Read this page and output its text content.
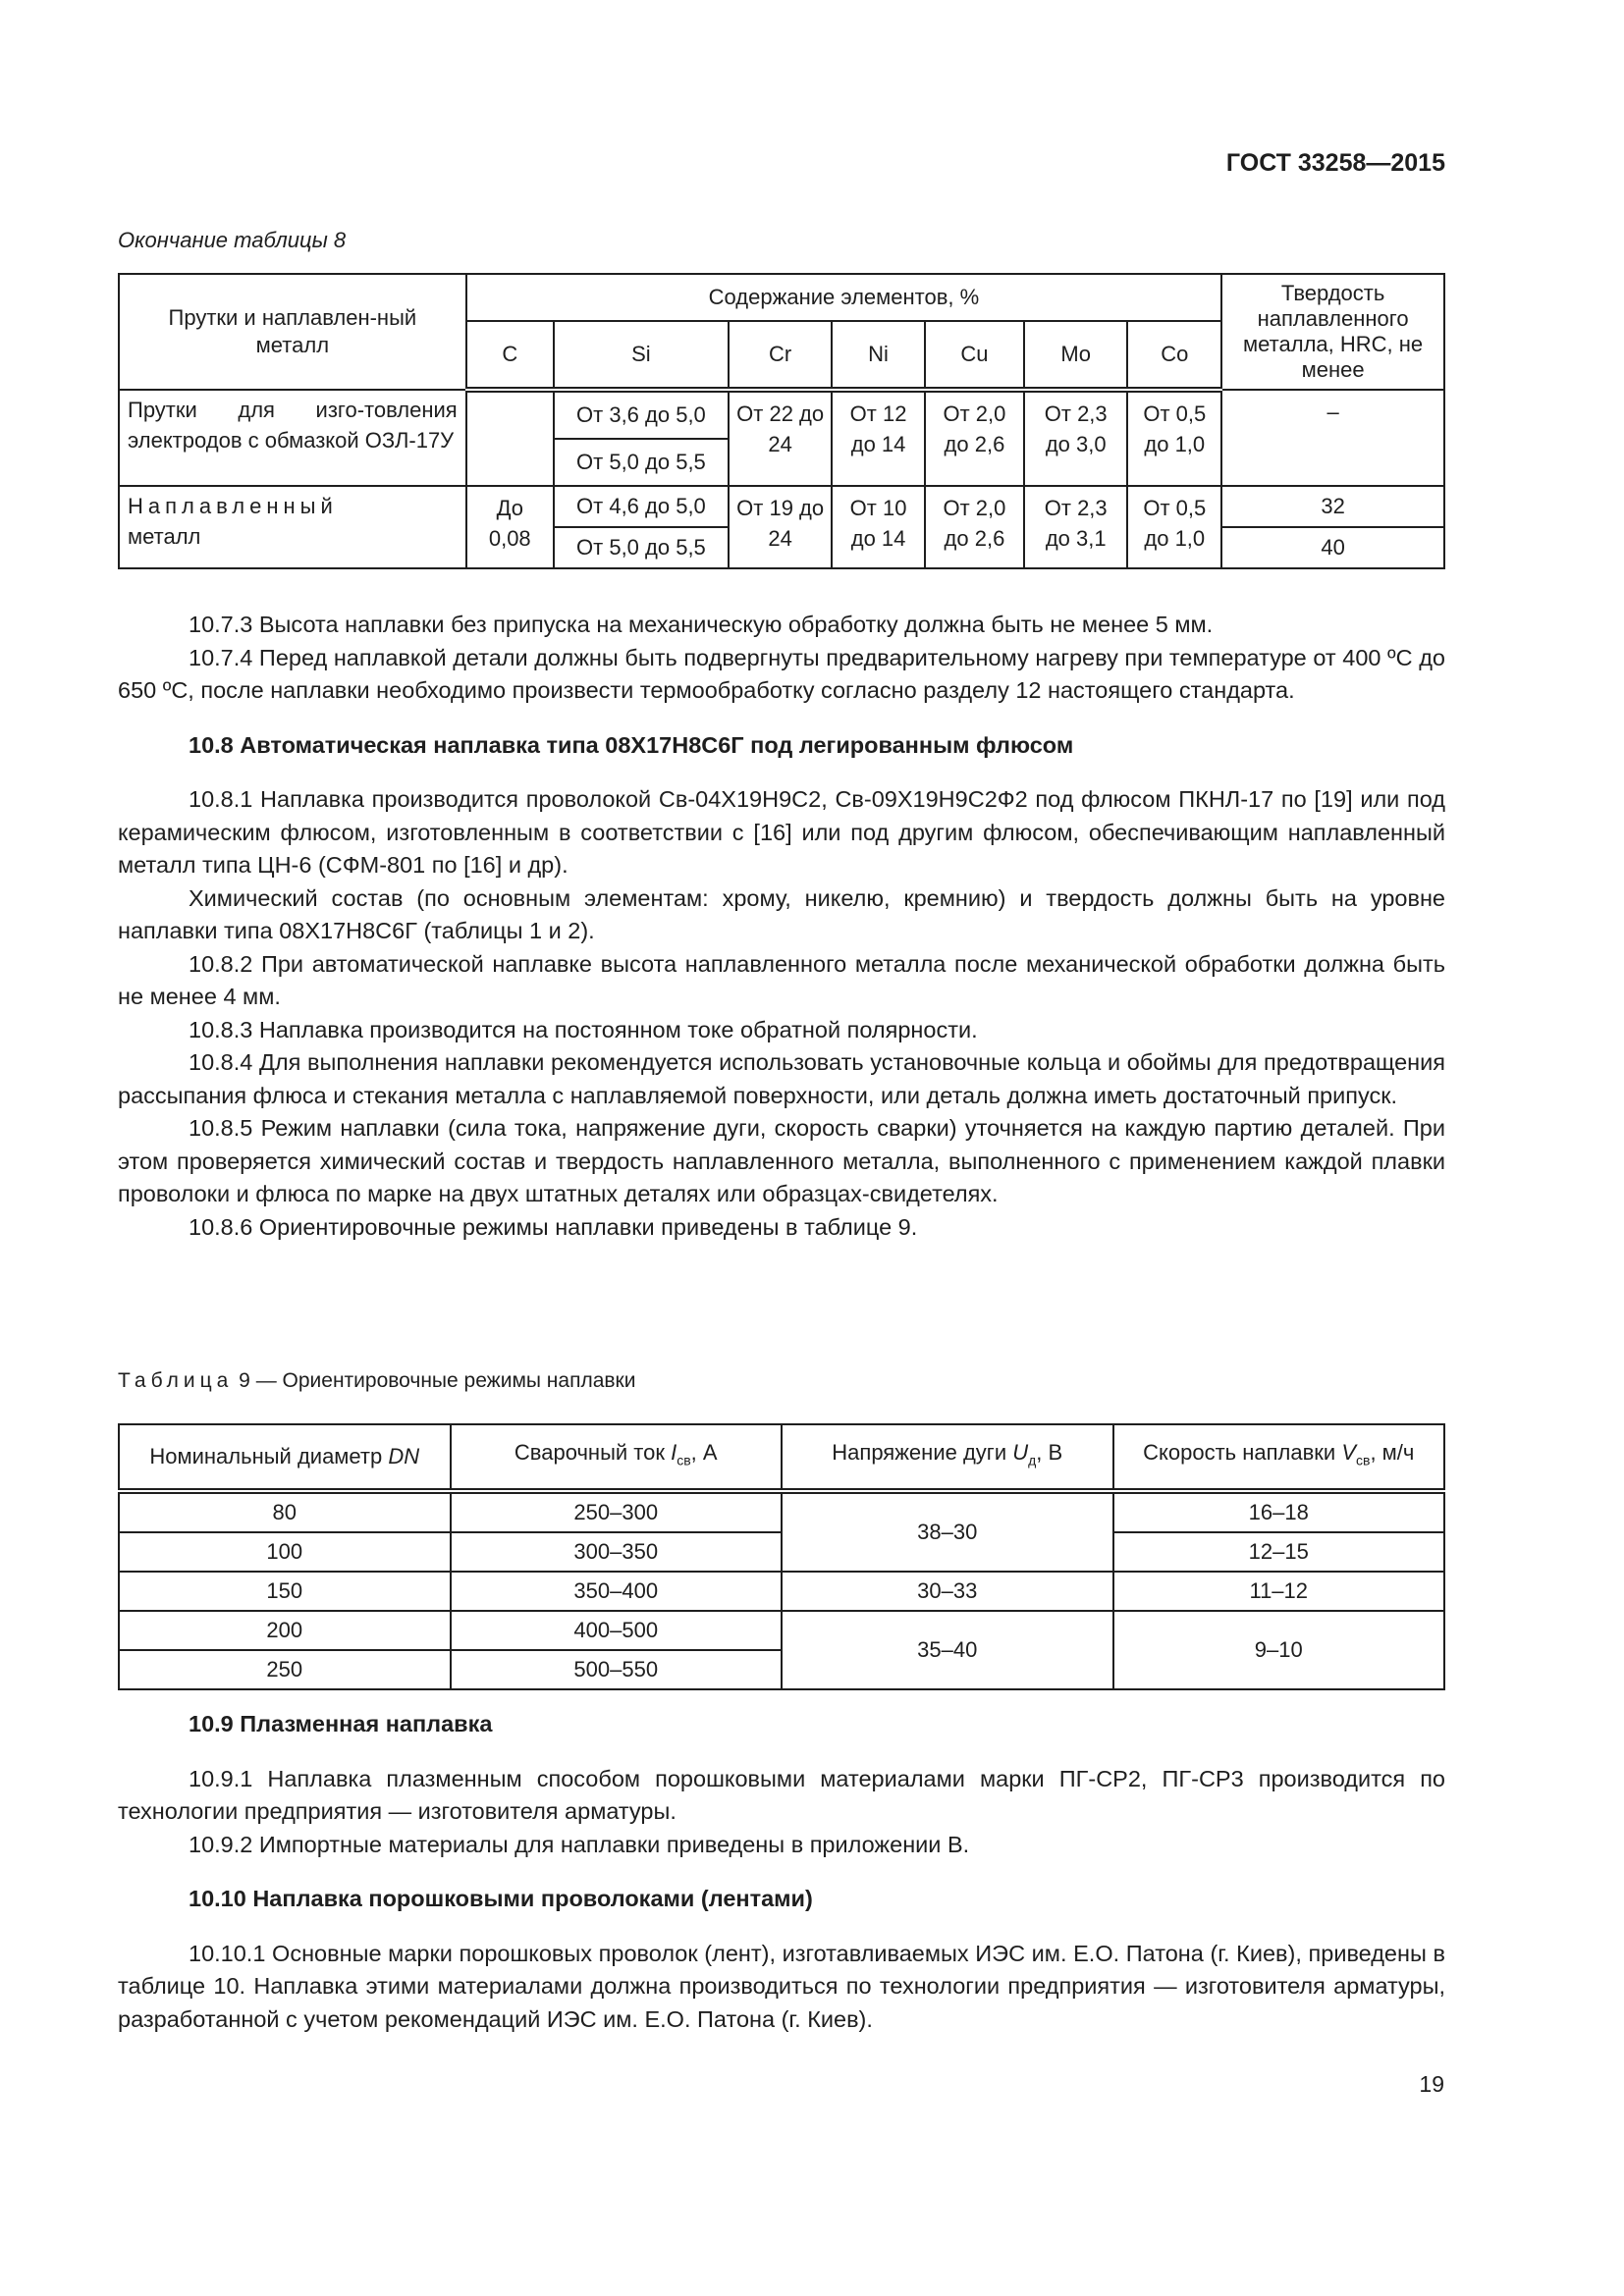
ГОСТ 33258—2015
Окончание таблицы 8
Прутки и наплавлен-ный металл	Содержание элементов, %							Твердость наплавленного металла, HRC, не менее
	C	Si	Cr	Ni	Cu	Mo	Co	
Прутки для изго-товления электродов с обмазкой ОЗЛ-17У		От 3,6 до 5,0	От 22 до 24	От 12 до 14	От 2,0 до 2,6	От 2,3 до 3,0	От 0,5 до 1,0	–
		От 5,0 до 5,5						

Наплавленный
металл	До 0,08	От 4,6 до 5,0	От 19 до 24	От 10 до 14	От 2,0 до 2,6	От 2,3 до 3,1	От 0,5 до 1,0	32
		От 5,0 до 5,5						40

10.7.3 Высота наплавки без припуска на механическую обработку должна быть не менее 5 мм.

10.7.4 Перед наплавкой детали должны быть подвергнуты предварительному нагреву при температуре от 400 ºС до 650 ºС, после наплавки необходимо произвести термообработку согласно разделу 12 настоящего стандарта.

10.8 Автоматическая наплавка типа 08Х17Н8С6Г под легированным флюсом

10.8.1 Наплавка производится проволокой Св-04Х19Н9С2, Св-09Х19Н9С2Ф2 под флюсом ПКНЛ-17 по [19] или под керамическим флюсом, изготовленным в соответствии с [16] или под другим флюсом, обеспечивающим наплавленный металл типа ЦН-6 (СФМ-801 по [16] и др).

Химический состав (по основным элементам: хрому, никелю, кремнию) и твердость должны быть на уровне наплавки типа 08Х17Н8С6Г (таблицы 1 и 2).

10.8.2 При автоматической наплавке высота наплавленного металла после механической обработки должна быть не менее 4 мм.

10.8.3 Наплавка производится на постоянном токе обратной полярности.

10.8.4 Для выполнения наплавки рекомендуется использовать установочные кольца и обоймы для предотвращения рассыпания флюса и стекания металла с наплавляемой поверхности, или деталь должна иметь достаточный припуск.

10.8.5 Режим наплавки (сила тока, напряжение дуги, скорость сварки) уточняется на каждую партию деталей. При этом проверяется химический состав и твердость наплавленного металла, выполненного с применением каждой плавки проволоки и флюса по марке на двух штатных деталях или образцах-свидетелях.

10.8.6 Ориентировочные режимы наплавки приведены в таблице 9.

Таблица 9 — Ориентировочные режимы наплавки
Номинальный диаметр DN	Сварочный ток $I_{св}$, А	Напряжение дуги $U_д$, В	Скорость наплавки $V_{св}$, м/ч
80	250–300	38–30	16–18
100	300–350		12–15
150	350–400	30–33	11–12
200	400–500	35–40	9–10
250	500–550		

10.9 Плазменная наплавка

10.9.1 Наплавка плазменным способом порошковыми материалами марки ПГ-СР2, ПГ-СР3 производится по технологии предприятия — изготовителя арматуры.

10.9.2 Импортные материалы для наплавки приведены в приложении В.

10.10 Наплавка порошковыми проволоками (лентами)

10.10.1 Основные марки порошковых проволок (лент), изготавливаемых ИЭС им. Е.О. Патона (г. Киев), приведены в таблице 10. Наплавка этими материалами должна производиться по технологии предприятия — изготовителя арматуры, разработанной с учетом рекомендаций ИЭС им. Е.О. Патона (г. Киев).

19
